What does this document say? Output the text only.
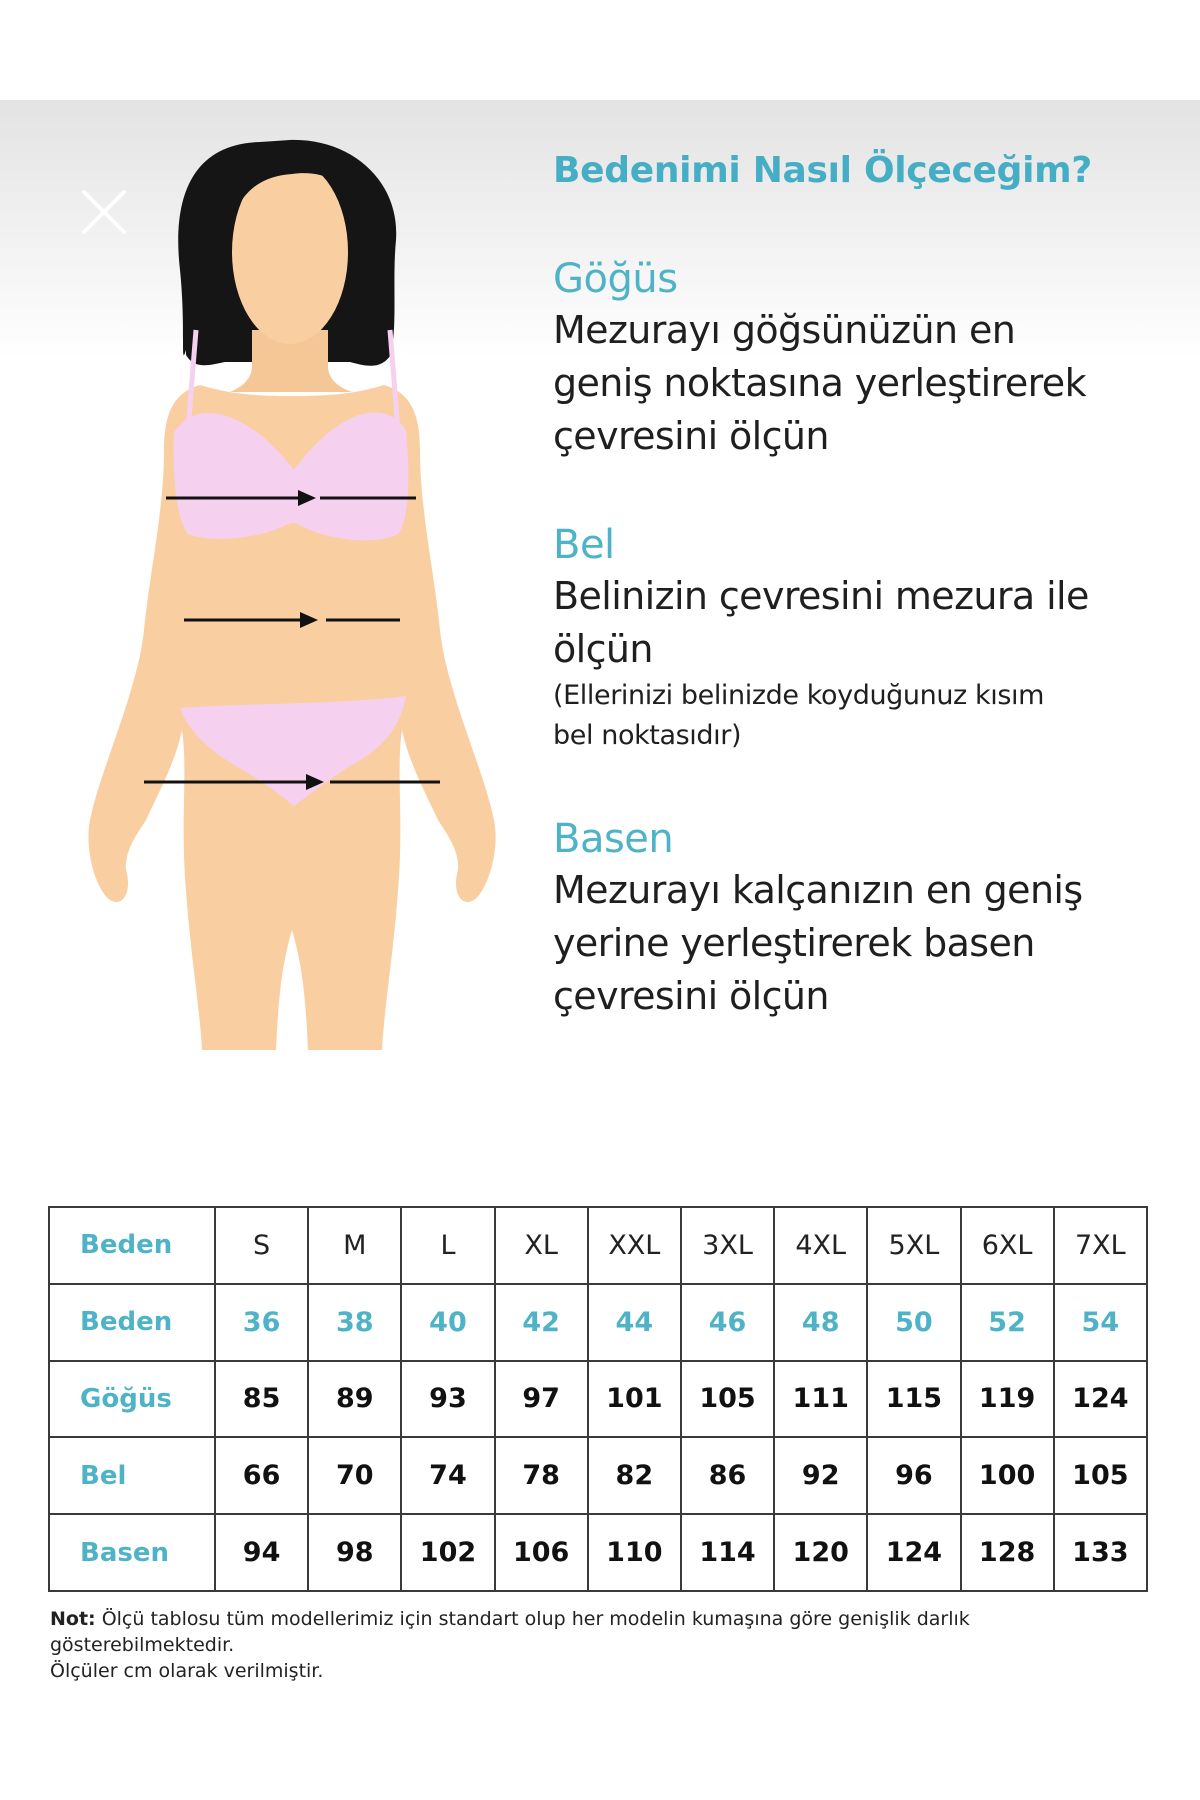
Bedenimi Nasıl Ölçeceğim?
Göğüs
Mezurayı göğsünüzün en
geniş noktasına yerleştirerek
çevresini ölçün
Bel
Belinizin çevresini mezura ile
ölçün
(Ellerinizi belinizde koyduğunuz kısım
bel noktasıdır)
Basen
Mezurayı kalçanızın en geniş
yerine yerleştirerek basen
çevresini ölçün
Beden	S	M	L	XL	XXL	3XL	4XL	5XL	6XL	7XL
Beden	36	38	40	42	44	46	48	50	52	54
Göğüs	85	89	93	97	101	105	111	115	119	124
Bel	66	70	74	78	82	86	92	96	100	105
Basen	94	98	102	106	110	114	120	124	128	133
Not: Ölçü tablosu tüm modellerimiz için standart olup her modelin kumaşına göre genişlik darlık gösterebilmektedir.
Ölçüler cm olarak verilmiştir.
